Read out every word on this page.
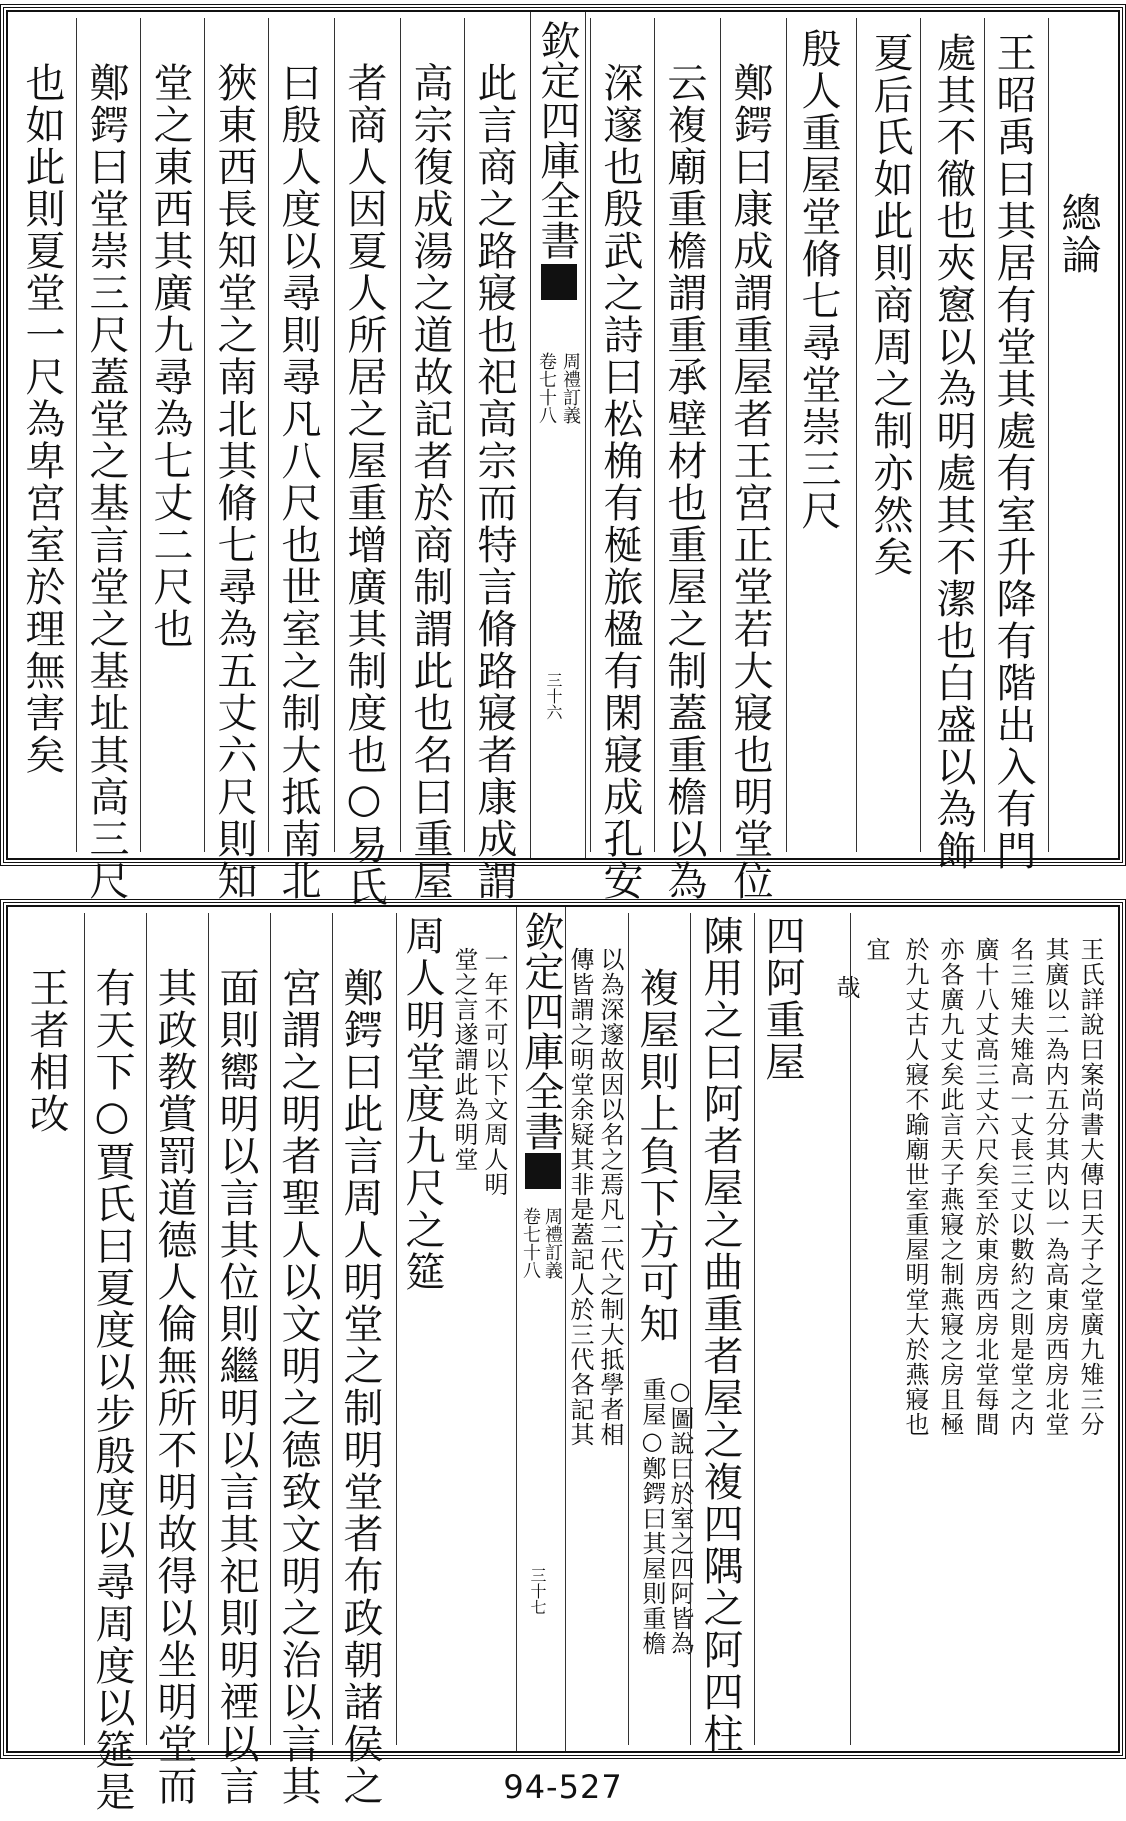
總論
王昭禹曰其居有堂其處有室升降有階出入有門
處其不徹也夾窻以為明處其不潔也白盛以為飾
夏后氏如此則商周之制亦然矣
殷人重屋堂脩七尋堂崇三尺
鄭鍔曰康成謂重屋者王宮正堂若大寢也明堂位
云複廟重檐謂重承壁材也重屋之制蓋重檐以為
深邃也殷武之詩曰松桷有梴旅楹有閑寢成孔安
欽定四庫全書
周禮訂義
卷七十八
三十六
此言商之路寢也祀高宗而特言脩路寢者康成謂
高宗復成湯之道故記者於商制謂此也名曰重屋
者商人因夏人所居之屋重增廣其制度也○易氏
曰殷人度以尋則尋凡八尺也世室之制大抵南北
狹東西長知堂之南北其脩七尋為五丈六尺則知
堂之東西其廣九尋為七丈二尺也
鄭鍔曰堂崇三尺蓋堂之基言堂之基址其高三尺
也如此則夏堂一尺為卑宮室於理無害矣
王氏詳說曰案尚書大傳曰天子之堂廣九雉三分
其廣以二為内五分其内以一為高東房西房北堂
名三雉夫雉高一丈長三丈以數約之則是堂之内
廣十八丈高三丈六尺矣至於東房西房北堂每間
亦各廣九丈矣此言天子燕寢之制燕寢之房且極
於九丈古人寢不踰廟世室重屋明堂大於燕寢也
宜
哉
四阿重屋
陳用之曰阿者屋之曲重者屋之複四隅之阿四柱
複屋則上負下方可知
○圖說曰於室之四阿皆為
重屋○鄭鍔曰其屋則重檐
以為深邃故因以名之焉凡二代之制大抵學者相
傳皆謂之明堂余疑其非是蓋記人於三代各記其
欽定四庫全書
周禮訂義
卷七十八
三十七
一年不可以下文周人明
堂之言遂謂此為明堂
周人明堂度九尺之筵
鄭鍔曰此言周人明堂之制明堂者布政朝諸侯之
宮謂之明者聖人以文明之德致文明之治以言其
面則嚮明以言其位則繼明以言其祀則明禋以言
其政教賞罰道德人倫無所不明故得以坐明堂而
有天下○賈氏曰夏度以步殷度以尋周度以筵是
王者相改
94-527
